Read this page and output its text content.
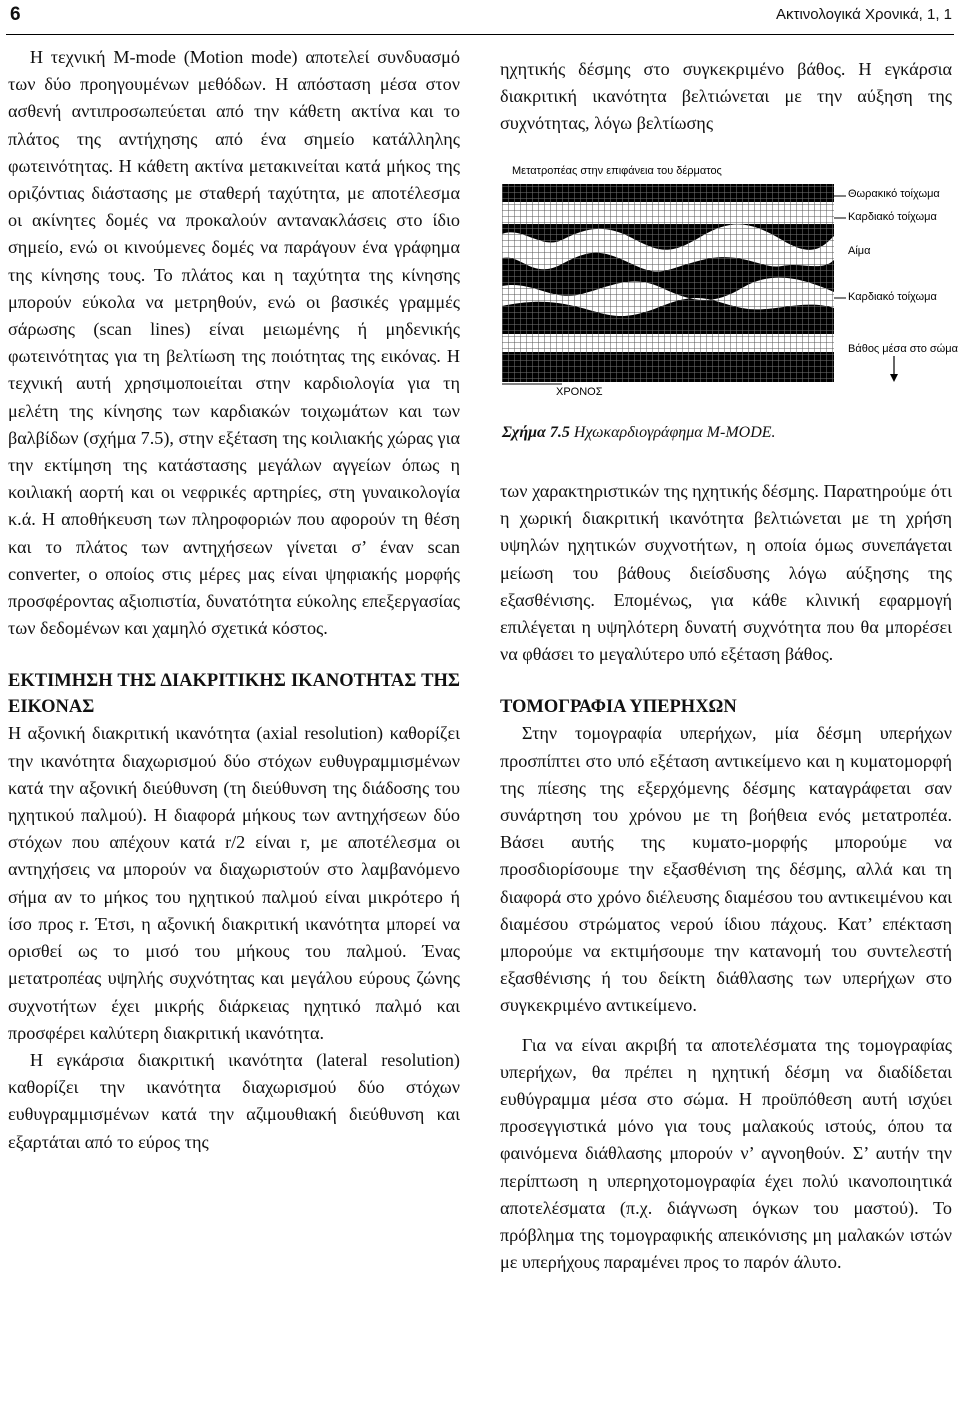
6	Ακτινολογικά Χρονικά, 1, 1

Η τεχνική Μ-mode (Motion mode) αποτελεί συνδυασμό των δύο προηγουμένων μεθόδων. Η απόσταση μέσα στον ασθενή αντιπροσωπεύεται από την κάθετη ακτίνα και το πλάτος της αντήχησης από ένα σημείο κατάλληλης φωτεινότητας. Η κάθετη ακτίνα μετακινείται κατά μήκος της οριζόντιας διάστασης με σταθερή ταχύτητα, με αποτέλεσμα οι ακίνητες δομές να προκαλούν αντανακλάσεις στο ίδιο σημείο, ενώ οι κινούμενες δομές να παράγουν ένα γράφημα της κίνησης τους. Το πλάτος και η ταχύτητα της κίνησης μπορούν εύκολα να μετρηθούν, ενώ οι βασικές γραμμές σάρωσης (scan lines) είναι μειωμένης ή μηδενικής φωτεινότητας για τη βελτίωση της ποιότητας της εικόνας. Η τεχνική αυτή χρησιμοποιείται στην καρδιολογία για τη μελέτη της κίνησης των καρδιακών τοιχωμάτων και των βαλβίδων (σχήμα 7.5), στην εξέταση της κοιλιακής χώρας για την εκτίμηση της κατάστασης μεγάλων αγγείων όπως η κοιλιακή αορτή και οι νεφρικές αρτηρίες, στη γυναικολογία κ.ά. Η αποθήκευση των πληροφοριών που αφορούν τη θέση και το πλάτος των αντηχήσεων γίνεται σ’ έναν scan converter, ο οποίος στις μέρες μας είναι ψηφιακής μορφής προσφέροντας αξιοπιστία, δυνατότητα εύκολης επεξεργασίας των δεδομένων και χαμηλό σχετικά κόστος.

ΕΚΤΙΜΗΣΗ ΤΗΣ ΔΙΑΚΡΙΤΙΚΗΣ ΙΚΑΝΟΤΗΤΑΣ ΤΗΣ ΕΙΚΟΝΑΣ

Η αξονική διακριτική ικανότητα (axial resolution) καθορίζει την ικανότητα διαχωρισμού δύο στόχων ευθυγραμμισμένων κατά την αξονική διεύθυνση (τη διεύθυνση της διάδοσης του ηχητικού παλμού). Η διαφορά μήκους των αντηχήσεων δύο στόχων που απέχουν κατά r/2 είναι r, με αποτέλεσμα οι αντηχήσεις να μπορούν να διαχωριστούν στο λαμβανόμενο σήμα αν το μήκος του ηχητικού παλμού είναι μικρότερο ή ίσο προς r. Έτσι, η αξονική διακριτική ικανότητα μπορεί να ορισθεί ως το μισό του μήκους του παλμού. Ένας μετατροπέας υψηλής συχνότητας και μεγάλου εύρους ζώνης συχνοτήτων έχει μικρής διάρκειας ηχητικό παλμό και προσφέρει καλύτερη διακριτική ικανότητα.

Η εγκάρσια διακριτική ικανότητα (lateral resolution) καθορίζει την ικανότητα διαχωρισμού δύο στόχων ευθυγραμμισμένων κατά την αζιμουθιακή διεύθυνση και εξαρτάται από το εύρος της

ηχητικής δέσμης στο συγκεκριμένο βάθος. Η εγκάρσια διακριτική ικανότητα βελτιώνεται με την αύξηση της συχνότητας, λόγω βελτίωσης

Μετατροπέας στην επιφάνεια του δέρματος
Θωρακικό τοίχωμα
Καρδιακό τοίχωμα
Αίμα
Καρδιακό τοίχωμα
Βάθος μέσα στο σώμα
ΧΡΟΝΟΣ
Σχήμα 7.5 Ηχωκαρδιογράφημα M-MODE.

των χαρακτηριστικών της ηχητικής δέσμης. Παρατηρούμε ότι η χωρική διακριτική ικανότητα βελτιώνεται με τη χρήση υψηλών ηχητικών συχνοτήτων, η οποία όμως συνεπάγεται μείωση του βάθους διείσδυσης λόγω αύξησης της εξασθένισης. Επομένως, για κάθε κλινική εφαρμογή επιλέγεται η υψηλότερη δυνατή συχνότητα που θα μπορέσει να φθάσει το μεγαλύτερο υπό εξέταση βάθος.

ΤΟΜΟΓΡΑΦΙΑ ΥΠΕΡΗΧΩΝ

Στην τομογραφία υπερήχων, μία δέσμη υπερήχων προσπίπτει στο υπό εξέταση αντικείμενο και η κυματομορφή της πίεσης της εξερχόμενης δέσμης καταγράφεται σαν συνάρτηση του χρόνου με τη βοήθεια ενός μετατροπέα. Βάσει αυτής της κυματο-μορφής μπορούμε να προσδιορίσουμε την εξασθένιση της δέσμης, αλλά και τη διαφορά στο χρόνο διέλευσης διαμέσου του αντικειμένου και διαμέσου στρώματος νερού ίδιου πάχους. Κατ’ επέκταση μπορούμε να εκτιμήσουμε την κατανομή του συντελεστή εξασθένισης ή του δείκτη διάθλασης των υπερήχων στο συγκεκριμένο αντικείμενο.

Για να είναι ακριβή τα αποτελέσματα της τομογραφίας υπερήχων, θα πρέπει η ηχητική δέσμη να διαδίδεται ευθύγραμμα μέσα στο σώμα. Η προϋπόθεση αυτή ισχύει προσεγγιστικά μόνο για τους μαλακούς ιστούς, όπου τα φαινόμενα διάθλασης μπορούν ν’ αγνοηθούν. Σ’ αυτήν την περίπτωση η υπερηχοτομογραφία έχει πολύ ικανοποιητικά αποτελέσματα (π.χ. διάγνωση όγκων του μαστού). Το πρόβλημα της τομογραφικής απεικόνισης μη μαλακών ιστών με υπερήχους παραμένει προς το παρόν άλυτο.
